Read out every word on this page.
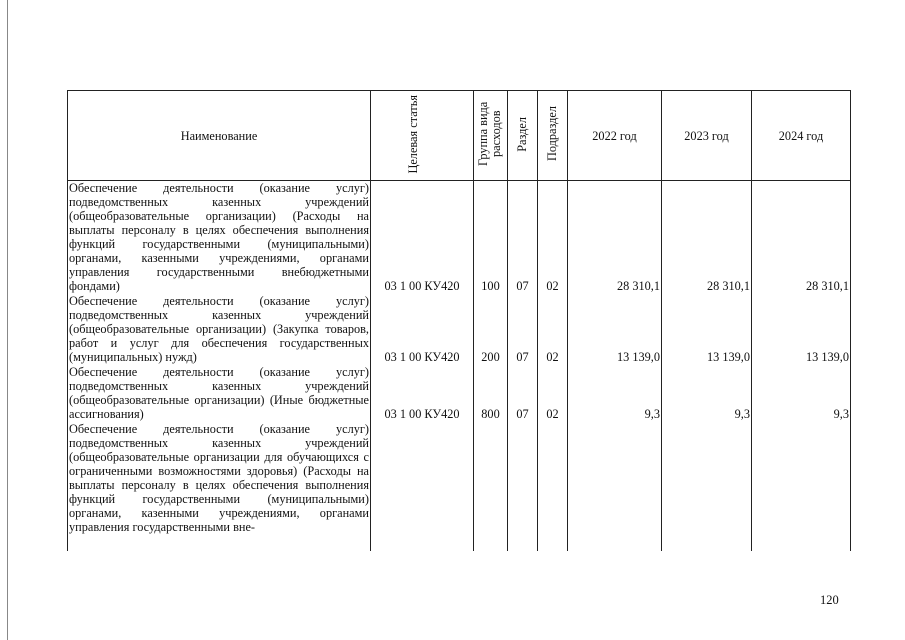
Наименование	Целевая статья	Группа вида расходов	Раздел	Подраздел	2022 год	2023 год	2024 год
Обеспечение деятельности (оказание услуг) подведомственных казенных учреждений (общеобразовательные организации) (Расходы на выплаты персоналу в целях обеспечения выполнения функций государственными (муниципальными) органами, казенными учреждениями, органами управления государственными внебюджетными фондами)	03 1 00 КУ420	100	07	02	28 310,1	28 310,1	28 310,1
Обеспечение деятельности (оказание услуг) подведомственных казенных учреждений (общеобразовательные организации) (Закупка товаров, работ и услуг для обеспечения государственных (муниципальных) нужд)	03 1 00 КУ420	200	07	02	13 139,0	13 139,0	13 139,0
Обеспечение деятельности (оказание услуг) подведомственных казенных учреждений (общеобразовательные организации) (Иные бюджетные ассигнования)	03 1 00 КУ420	800	07	02	9,3	9,3	9,3
Обеспечение деятельности (оказание услуг) подведомственных казенных учреждений (общеобразовательные организации для обучающихся с ограниченными возможностями здоровья) (Расходы на выплаты персоналу в целях обеспечения выполнения функций государственными (муниципальными) органами, казенными учреждениями, органами управления государственными вне-							
120
